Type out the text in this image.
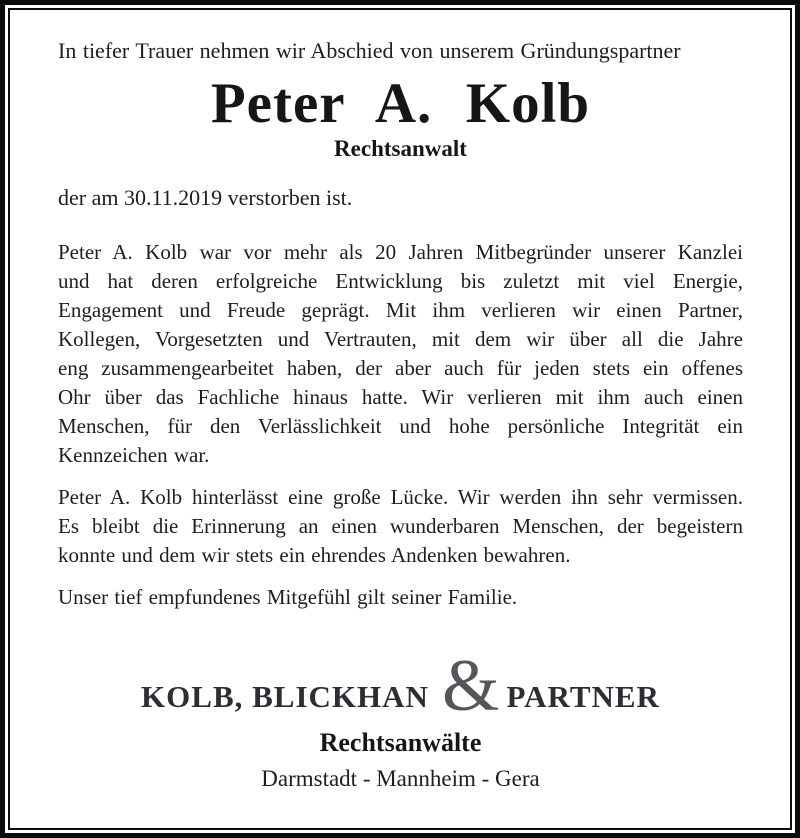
In tiefer Trauer nehmen wir Abschied von unserem Gründungspartner

Peter A. Kolb
Rechtsanwalt

der am 30.11.2019 verstorben ist.

Peter A. Kolb war vor mehr als 20 Jahren Mitbegründer unserer Kanzlei
und hat deren erfolgreiche Entwicklung bis zuletzt mit viel Energie,
Engagement und Freude geprägt. Mit ihm verlieren wir einen Partner,
Kollegen, Vorgesetzten und Vertrauten, mit dem wir über all die Jahre
eng zusammengearbeitet haben, der aber auch für jeden stets ein offenes
Ohr über das Fachliche hinaus hatte. Wir verlieren mit ihm auch einen
Menschen, für den Verlässlichkeit und hohe persönliche Integrität ein
Kennzeichen war.
Peter A. Kolb hinterlässt eine große Lücke. Wir werden ihn sehr vermissen.
Es bleibt die Erinnerung an einen wunderbaren Menschen, der begeistern
konnte und dem wir stets ein ehrendes Andenken bewahren.
Unser tief empfundenes Mitgefühl gilt seiner Familie.
KOLB, BLICKHAN & PARTNER
Rechtsanwälte
Darmstadt - Mannheim - Gera
